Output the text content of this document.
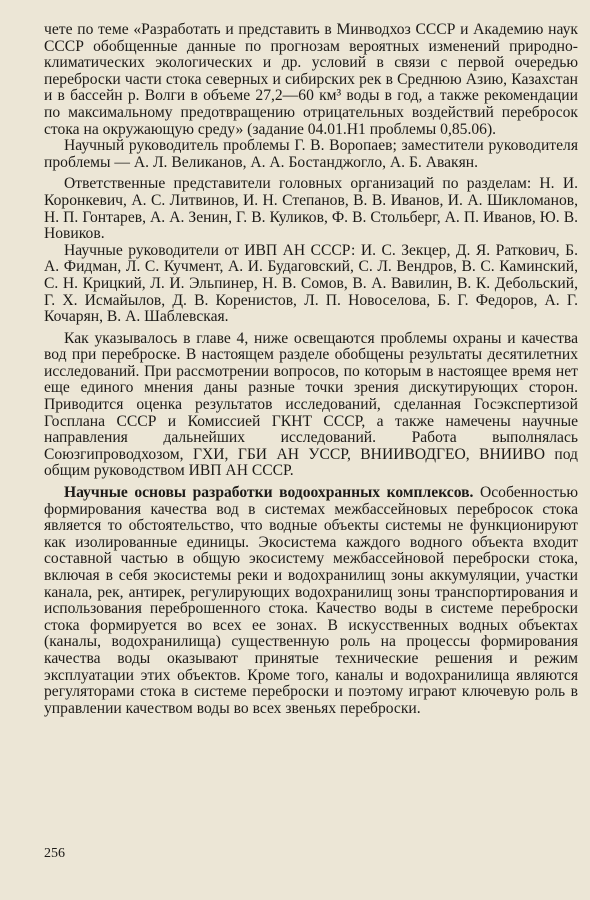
чете по теме «Разработать и представить в Минводхоз СССР и Академию наук СССР обобщенные данные по прогнозам вероятных изменений природно-климатических экологических и др. условий в связи с первой очередью переброски части стока северных и сибирских рек в Среднюю Азию, Казахстан и в бассейн р. Волги в объеме 27,2—60 км³ воды в год, а также рекомендации по максимальному предотвращению отрицательных воздействий перебросок стока на окружающую среду» (задание 04.01.Н1 проблемы 0,85.06).

Научный руководитель проблемы Г. В. Воропаев; заместители руководителя проблемы — А. Л. Великанов, А. А. Бостанджогло, А. Б. Авакян.

Ответственные представители головных организаций по разделам: Н. И. Коронкевич, А. С. Литвинов, И. Н. Степанов, В. В. Иванов, И. А. Шикломанов, Н. П. Гонтарев, А. А. Зенин, Г. В. Куликов, Ф. В. Стольберг, А. П. Иванов, Ю. В. Новиков.

Научные руководители от ИВП АН СССР: И. С. Зекцер, Д. Я. Раткович, Б. А. Фидман, Л. С. Кучмент, А. И. Будаговский, С. Л. Вендров, В. С. Каминский, С. Н. Крицкий, Л. И. Эльпинер, Н. В. Сомов, В. А. Вавилин, В. К. Дебольский, Г. Х. Исмайылов, Д. В. Коренистов, Л. П. Новоселова, Б. Г. Федоров, А. Г. Кочарян, В. А. Шаблевская.

Как указывалось в главе 4, ниже освещаются проблемы охраны и качества вод при переброске. В настоящем разделе обобщены результаты десятилетних исследований. При рассмотрении вопросов, по которым в настоящее время нет еще единого мнения даны разные точки зрения дискутирующих сторон. Приводится оценка результатов исследований, сделанная Госэкспертизой Госплана СССР и Комиссией ГКНТ СССР, а также намечены научные направления дальнейших исследований. Работа выполнялась Союзгипроводхозом, ГХИ, ГБИ АН УССР, ВНИИВОДГЕО, ВНИИВО под общим руководством ИВП АН СССР.

Научные основы разработки водоохранных комплексов. Особенностью формирования качества вод в системах межбассейновых перебросок стока является то обстоятельство, что водные объекты системы не функционируют как изолированные единицы. Экосистема каждого водного объекта входит составной частью в общую экосистему межбассейновой переброски стока, включая в себя экосистемы реки и водохранилищ зоны аккумуляции, участки канала, рек, антирек, регулирующих водохранилищ зоны транспортирования и использования переброшенного стока. Качество воды в системе переброски стока формируется во всех ее зонах. В искусственных водных объектах (каналы, водохранилища) существенную роль на процессы формирования качества воды оказывают принятые технические решения и режим эксплуатации этих объектов. Кроме того, каналы и водохранилища являются регуляторами стока в системе переброски и поэтому играют ключевую роль в управлении качеством воды во всех звеньях переброски.

256
